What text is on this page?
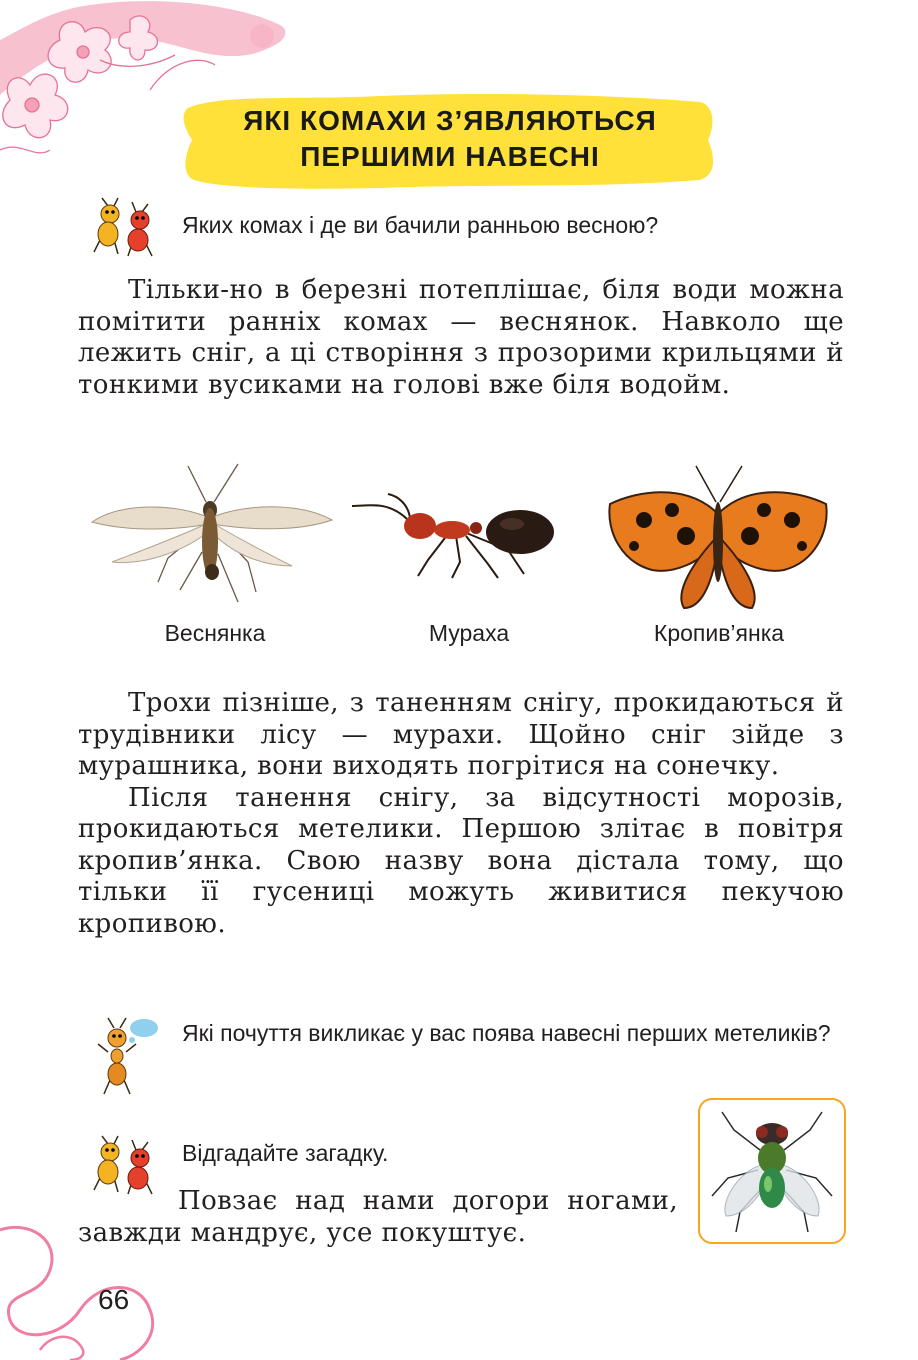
ЯКІ КОМАХИ З’ЯВЛЯЮТЬСЯ
ПЕРШИМИ НАВЕСНІ
Яких комах і де ви бачили ранньою весною?

Тільки-но в березні потеплішає, біля води можна помітити ранніх комах — веснянок. Навколо ще лежить сніг, а ці створіння з прозорими крильцями й тонкими вусиками на голові вже біля водойм.

Веснянка	Мураха	Кропив’янка

Трохи пізніше, з таненням снігу, прокидаються й трудівники лісу — мурахи. Щойно сніг зійде з мурашника, вони виходять погрітися на сонечку.

Після танення снігу, за відсутності морозів, прокидаються метелики. Першою злітає в повітря кропив’янка. Свою назву вона дістала тому, що тільки її гусениці можуть живитися пекучою кропивою.

Які почуття викликає у вас поява навесні перших метеликів?
Відгадайте загадку.

Повзає над нами догори ногами, завжди мандрує, усе покуштує.

66
